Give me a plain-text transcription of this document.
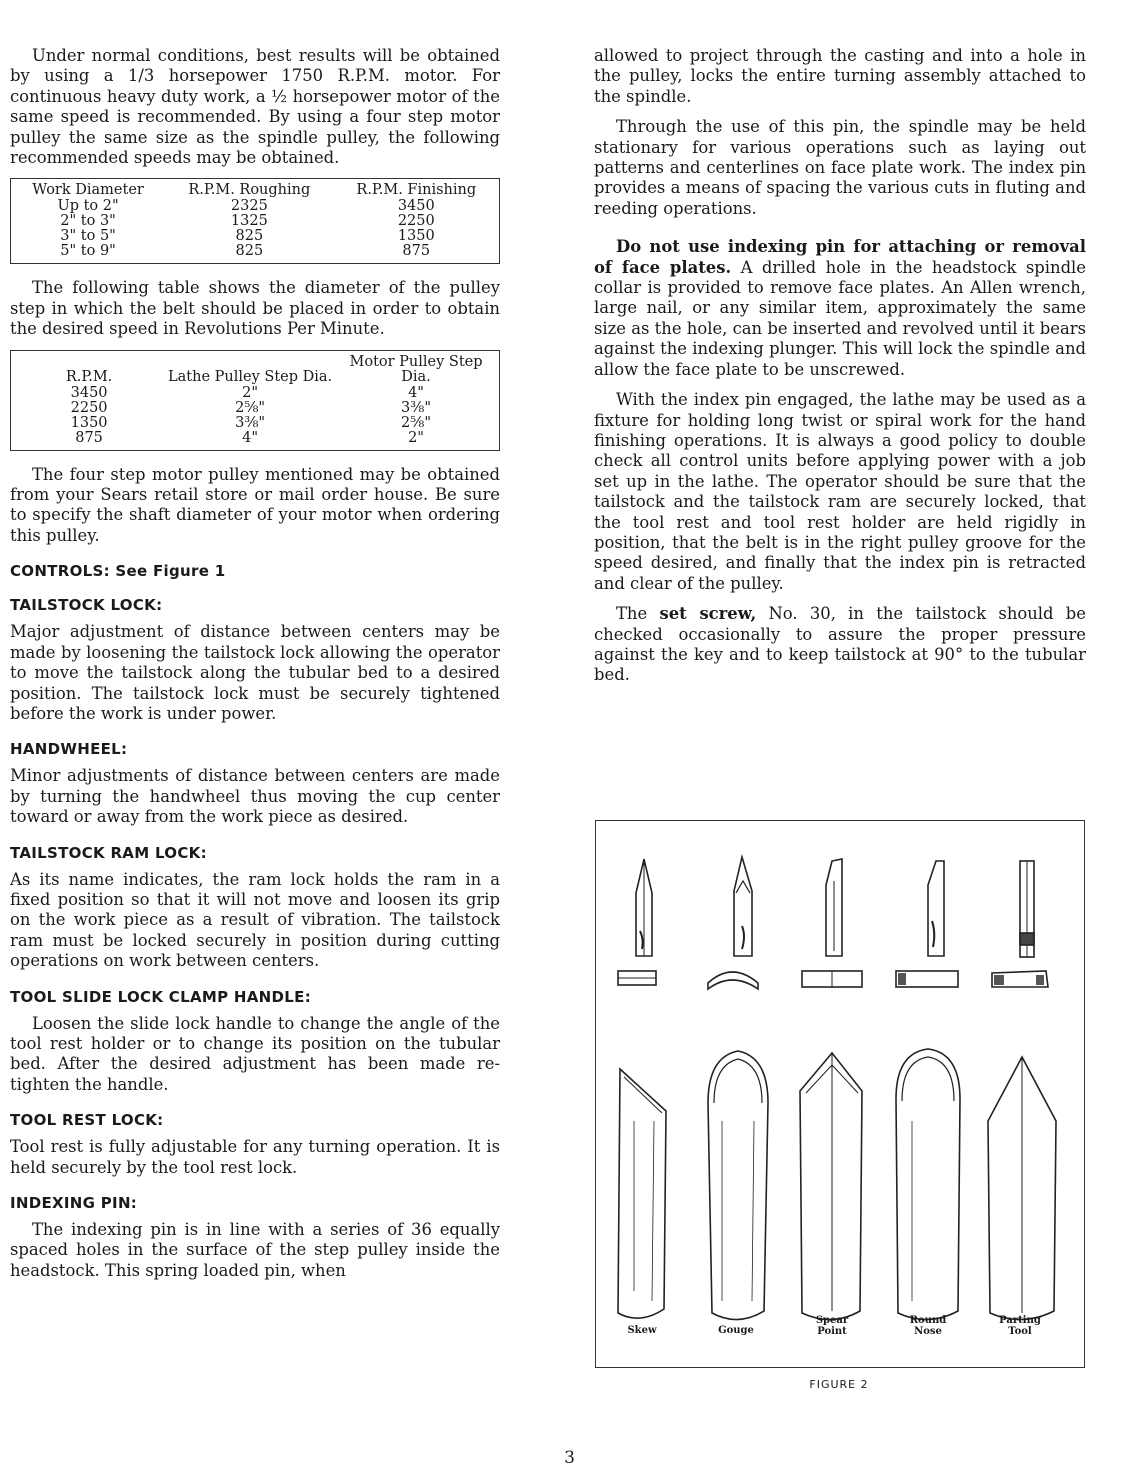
Under normal conditions, best results will be obtained by using a 1/3 horsepower 1750 R.P.M. motor. For continuous heavy duty work, a ½ horsepower motor of the same speed is recommended. By using a four step motor pulley the same size as the spindle pulley, the following recommended speeds may be obtained.

Work Diameter	R.P.M. Roughing	R.P.M. Finishing
Up to 2"	2325	3450
2" to 3"	1325	2250
3" to 5"	825	1350
5" to 9"	825	875

The following table shows the diameter of the pulley step in which the belt should be placed in order to obtain the desired speed in Revolutions Per Minute.

R.P.M.	Lathe Pulley Step Dia.	Motor Pulley Step Dia.
3450	2"	4"
2250	2⅝"	3⅜"
1350	3⅜"	2⅝"
875	4"	2"

The four step motor pulley mentioned may be obtained from your Sears retail store or mail order house. Be sure to specify the shaft diameter of your motor when ordering this pulley.

CONTROLS: See Figure 1
TAILSTOCK LOCK:

Major adjustment of distance between centers may be made by loosening the tailstock lock allowing the operator to move the tailstock along the tubular bed to a desired position. The tailstock lock must be securely tightened before the work is under power.

HANDWHEEL:

Minor adjustments of distance between centers are made by turning the handwheel thus moving the cup center toward or away from the work piece as desired.

TAILSTOCK RAM LOCK:

As its name indicates, the ram lock holds the ram in a fixed position so that it will not move and loosen its grip on the work piece as a result of vibration. The tailstock ram must be locked securely in position during cutting operations on work between centers.

TOOL SLIDE LOCK CLAMP HANDLE:

Loosen the slide lock handle to change the angle of the tool rest holder or to change its position on the tubular bed. After the desired adjustment has been made re-tighten the handle.

TOOL REST LOCK:

Tool rest is fully adjustable for any turning operation. It is held securely by the tool rest lock.

INDEXING PIN:

The indexing pin is in line with a series of 36 equally spaced holes in the surface of the step pulley inside the headstock. This spring loaded pin, when

allowed to project through the casting and into a hole in the pulley, locks the entire turning assembly attached to the spindle.

Through the use of this pin, the spindle may be held stationary for various operations such as laying out patterns and centerlines on face plate work. The index pin provides a means of spacing the various cuts in fluting and reeding operations.

Do not use indexing pin for attaching or removal of face plates. A drilled hole in the headstock spindle collar is provided to remove face plates. An Allen wrench, large nail, or any similar item, approximately the same size as the hole, can be inserted and revolved until it bears against the indexing plunger. This will lock the spindle and allow the face plate to be unscrewed.

With the index pin engaged, the lathe may be used as a fixture for holding long twist or spiral work for the hand finishing operations. It is always a good policy to double check all control units before applying power with a job set up in the lathe. The operator should be sure that the tailstock and the tailstock ram are securely locked, that the tool rest and tool rest holder are held rigidly in position, that the belt is in the right pulley groove for the speed desired, and finally that the index pin is retracted and clear of the pulley.

The set screw, No. 30, in the tailstock should be checked occasionally to assure the proper pressure against the key and to keep tailstock at 90° to the tubular bed.

Skew	Gouge
Spear
Point
Round
Nose
Parting
Tool
FIGURE 2
3
